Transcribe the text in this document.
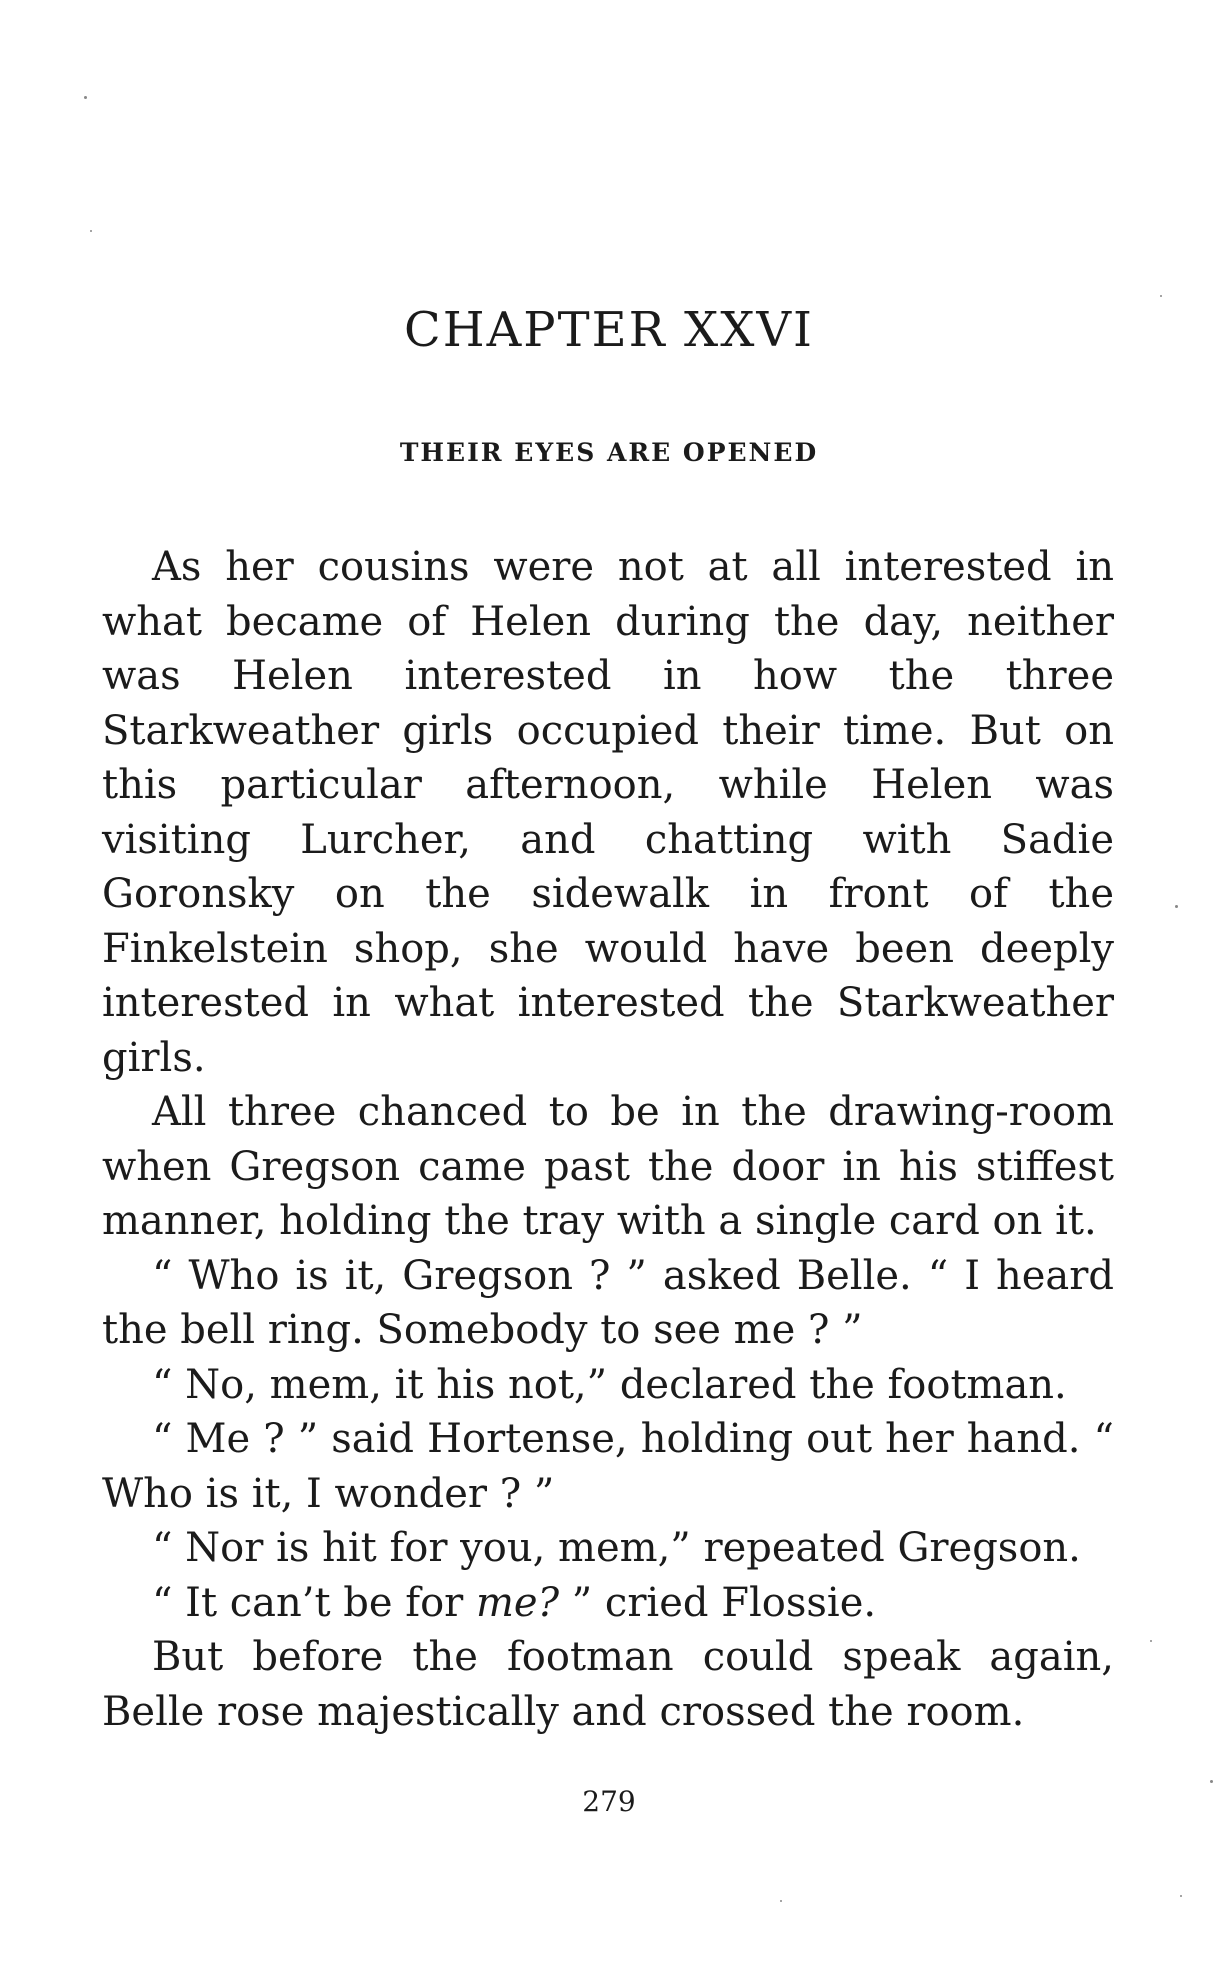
CHAPTER XXVI
THEIR EYES ARE OPENED

As her cousins were not at all interested in what became of Helen during the day, neither was Helen interested in how the three Starkweather girls occupied their time. But on this particular afternoon, while Helen was visiting Lurcher, and chatting with Sadie Goronsky on the sidewalk in front of the Finkelstein shop, she would have been deeply interested in what interested the Starkweather girls.

All three chanced to be in the drawing-room when Gregson came past the door in his stiffest manner, holding the tray with a single card on it.

“ Who is it, Gregson ? ” asked Belle. “ I heard the bell ring. Somebody to see me ? ”

“ No, mem, it his not,” declared the footman.

“ Me ? ” said Hortense, holding out her hand. “ Who is it, I wonder ? ”

“ Nor is hit for you, mem,” repeated Gregson.

“ It can’t be for me? ” cried Flossie.

But before the footman could speak again, Belle rose majestically and crossed the room.

279
